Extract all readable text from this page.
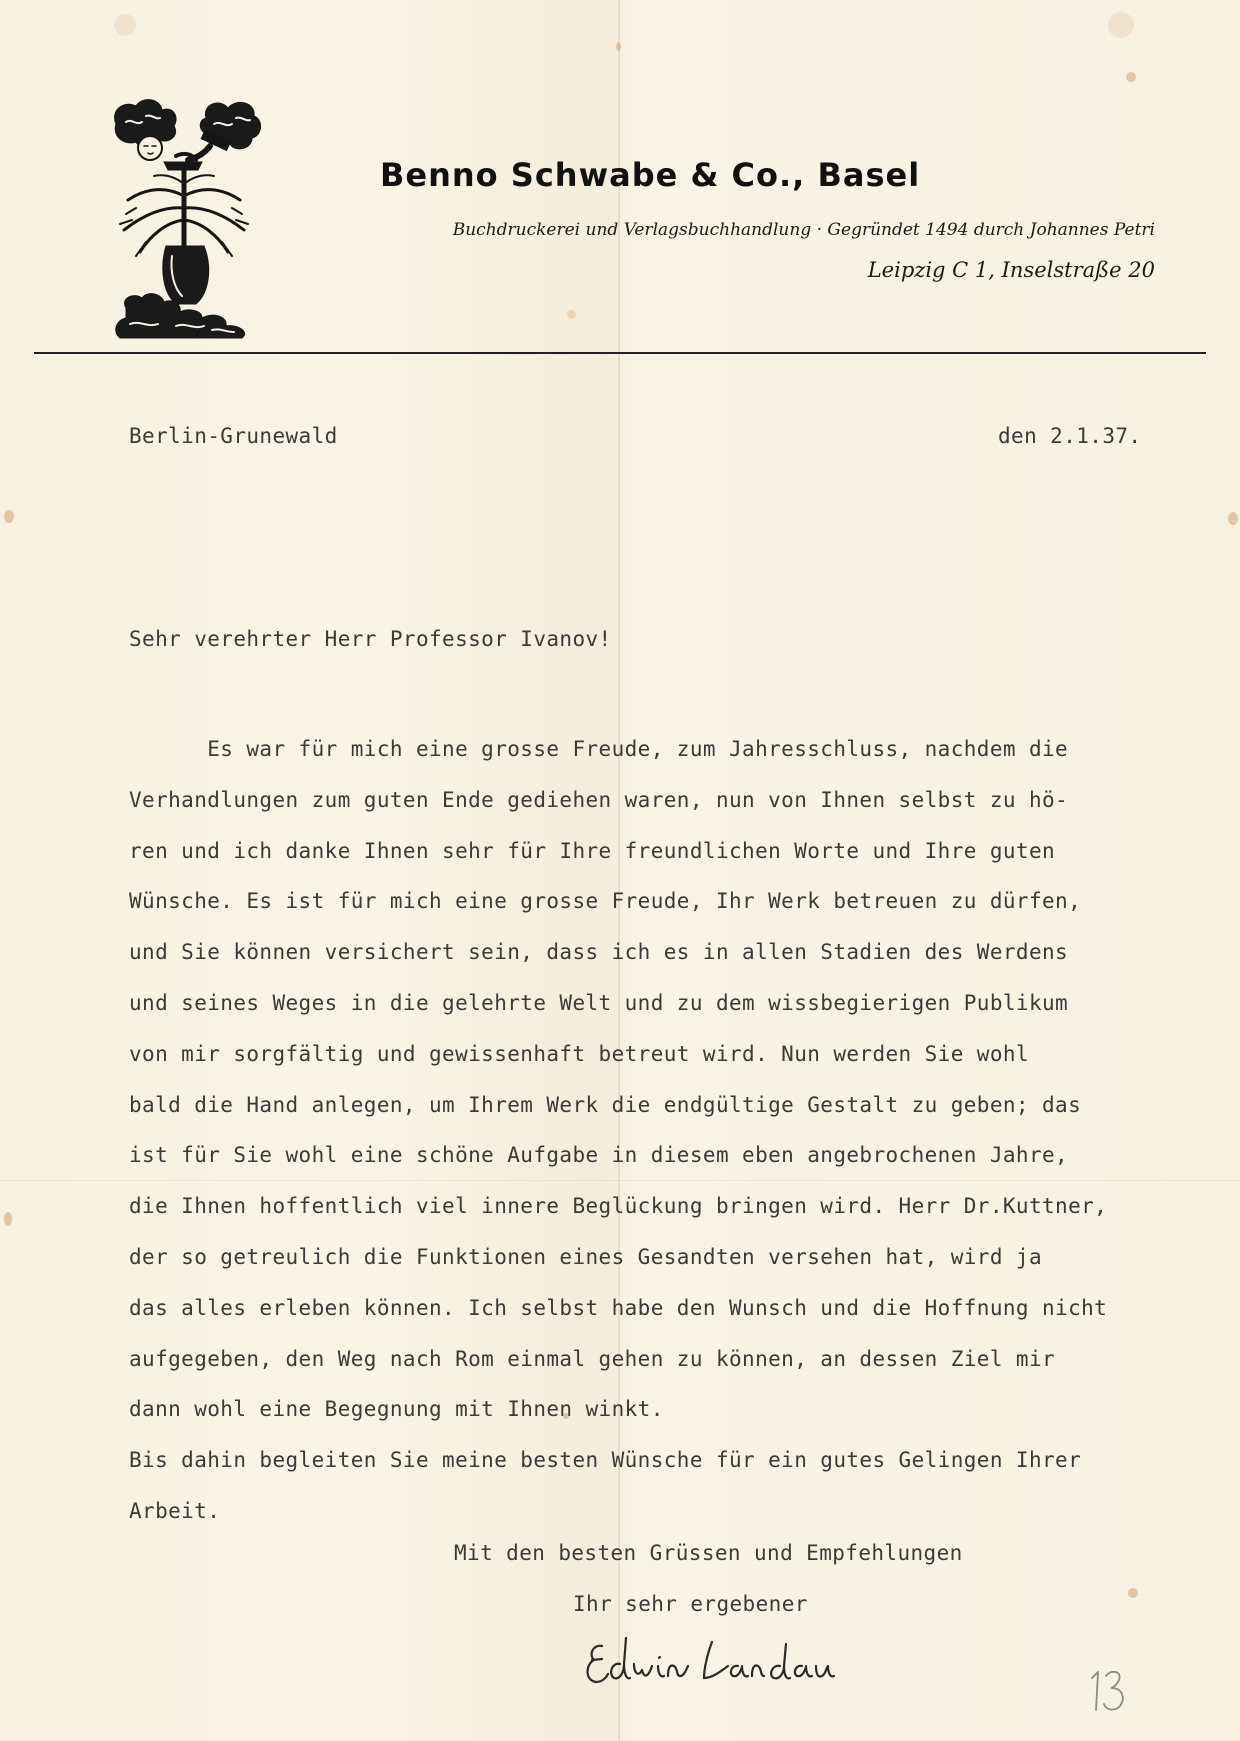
Benno Schwabe & Co., Basel
Buchdruckerei und Verlagsbuchhandlung · Gegründet 1494 durch Johannes Petri
Leipzig C 1, Inselstraße 20
Berlin-Grunewald	den 2.1.37.
Sehr verehrter Herr Professor Ivanov!
Es war für mich eine grosse Freude, zum Jahresschluss, nachdem die
Verhandlungen zum guten Ende gediehen waren, nun von Ihnen selbst zu hö-
ren und ich danke Ihnen sehr für Ihre freundlichen Worte und Ihre guten
Wünsche. Es ist für mich eine grosse Freude, Ihr Werk betreuen zu dürfen,
und Sie können versichert sein, dass ich es in allen Stadien des Werdens
und seines Weges in die gelehrte Welt und zu dem wissbegierigen Publikum
von mir sorgfältig und gewissenhaft betreut wird. Nun werden Sie wohl
bald die Hand anlegen, um Ihrem Werk die endgültige Gestalt zu geben; das
ist für Sie wohl eine schöne Aufgabe in diesem eben angebrochenen Jahre,
die Ihnen hoffentlich viel innere Beglückung bringen wird. Herr Dr.Kuttner,
der so getreulich die Funktionen eines Gesandten versehen hat, wird ja
das alles erleben können. Ich selbst habe den Wunsch und die Hoffnung nicht
aufgegeben, den Weg nach Rom einmal gehen zu können, an dessen Ziel mir
dann wohl eine Begegnung mit Ihnen winkt.
Bis dahin begleiten Sie meine besten Wünsche für ein gutes Gelingen Ihrer
Arbeit.
Mit den besten Grüssen und Empfehlungen
Ihr sehr ergebener
